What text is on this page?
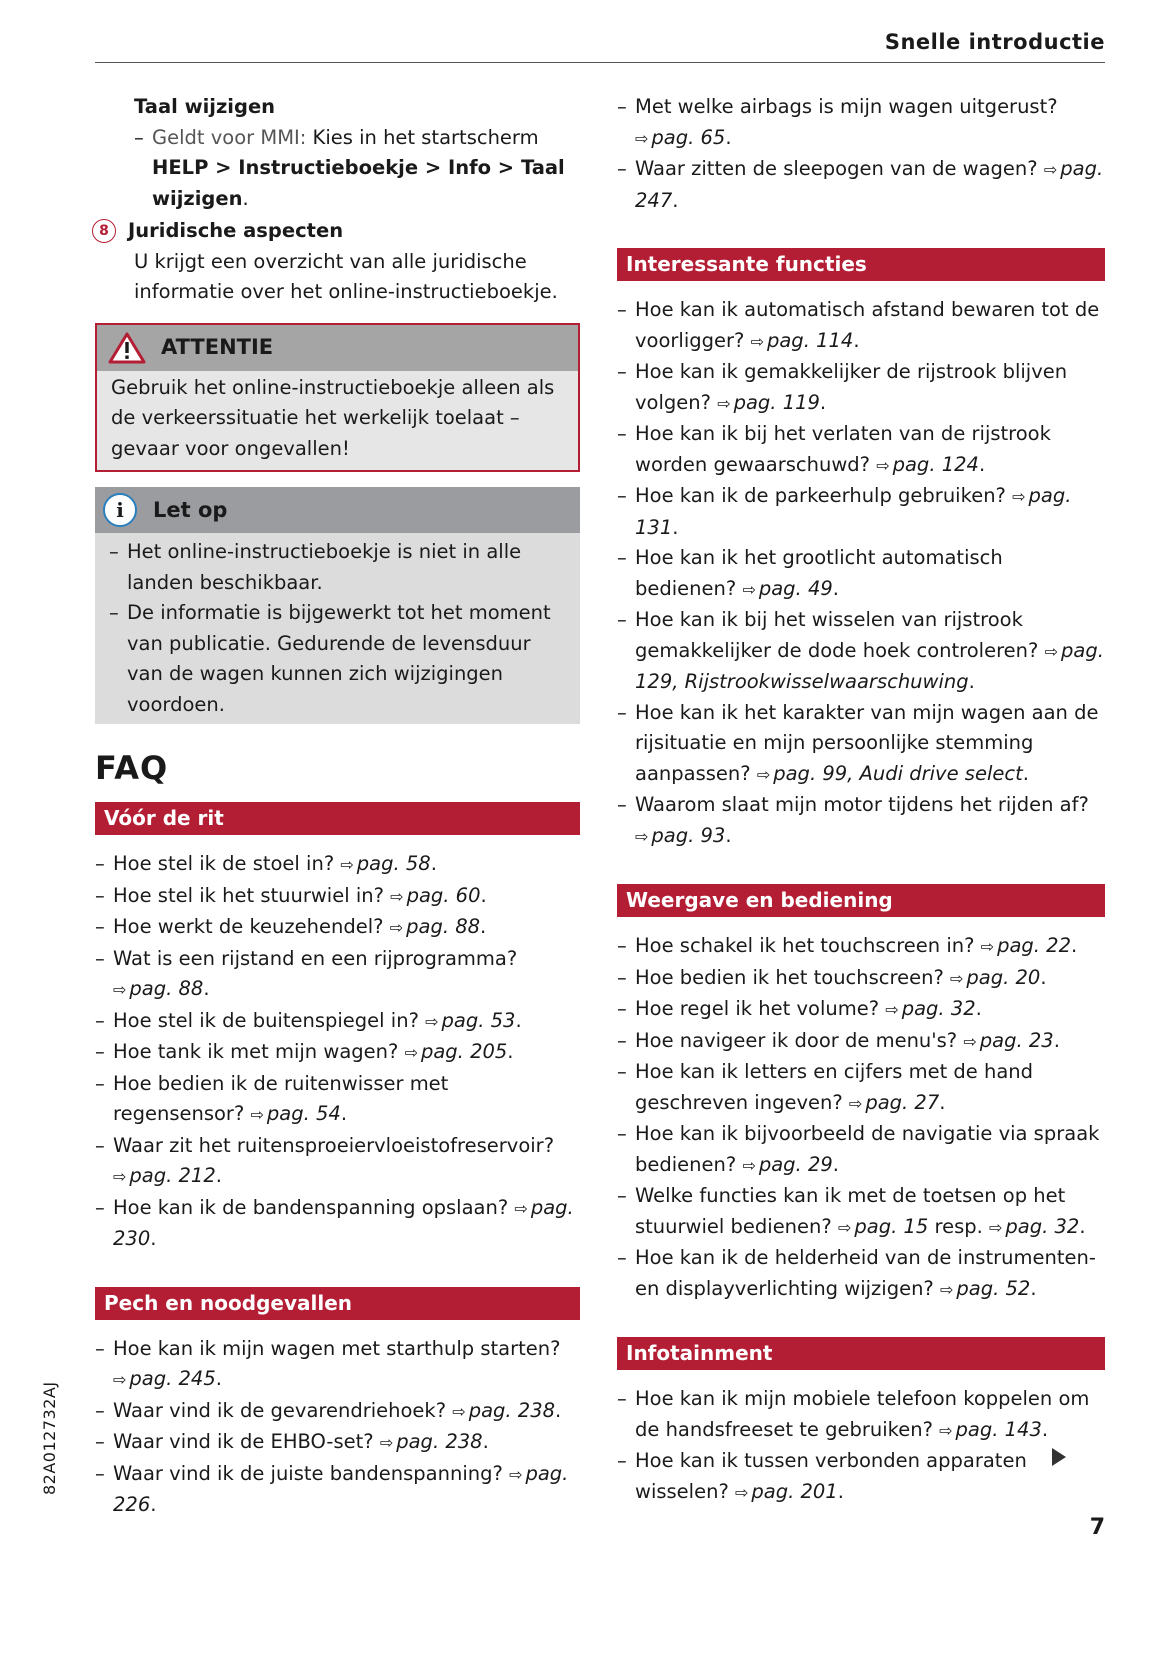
Snelle introductie
Taal wijzigen
– Geldt voor MMI: Kies in het startscherm
HELP > Instructieboekje > Info > Taal
wijzigen.
8 Juridische aspecten
U krijgt een overzicht van alle juridische informatie over het online-instructieboekje.
ATTENTIE
Gebruik het online-instructieboekje alleen als de verkeerssituatie het werkelijk toelaat – gevaar voor ongevallen!
i	Let op
– Het online-instructieboekje is niet in alle landen beschikbaar.
– De informatie is bijgewerkt tot het moment van publicatie. Gedurende de levensduur van de wagen kunnen zich wijzigingen voordoen.
FAQ
Vóór de rit
– Hoe stel ik de stoel in? ⇨ pag. 58.
– Hoe stel ik het stuurwiel in? ⇨ pag. 60.
– Hoe werkt de keuzehendel? ⇨ pag. 88.
– Wat is een rijstand en een rijprogramma? ⇨ pag. 88.
– Hoe stel ik de buitenspiegel in? ⇨ pag. 53.
– Hoe tank ik met mijn wagen? ⇨ pag. 205.
– Hoe bedien ik de ruitenwisser met regensensor? ⇨ pag. 54.
– Waar zit het ruitensproeiervloeistofreservoir? ⇨ pag. 212.
– Hoe kan ik de bandenspanning opslaan? ⇨ pag. 230.
Pech en noodgevallen
– Hoe kan ik mijn wagen met starthulp starten? ⇨ pag. 245.
– Waar vind ik de gevarendriehoek? ⇨ pag. 238.
– Waar vind ik de EHBO-set? ⇨ pag. 238.
– Waar vind ik de juiste bandenspanning? ⇨ pag. 226.
– Met welke airbags is mijn wagen uitgerust? ⇨ pag. 65.
– Waar zitten de sleepogen van de wagen? ⇨ pag. 247.
Interessante functies
– Hoe kan ik automatisch afstand bewaren tot de voorligger? ⇨ pag. 114.
– Hoe kan ik gemakkelijker de rijstrook blijven volgen? ⇨ pag. 119.
– Hoe kan ik bij het verlaten van de rijstrook worden gewaarschuwd? ⇨ pag. 124.
– Hoe kan ik de parkeerhulp gebruiken? ⇨ pag. 131.
– Hoe kan ik het grootlicht automatisch bedienen? ⇨ pag. 49.
– Hoe kan ik bij het wisselen van rijstrook gemakkelijker de dode hoek controleren? ⇨ pag. 129, Rijstrookwisselwaarschuwing.
– Hoe kan ik het karakter van mijn wagen aan de rijsituatie en mijn persoonlijke stemming aanpassen? ⇨ pag. 99, Audi drive select.
– Waarom slaat mijn motor tijdens het rijden af? ⇨ pag. 93.
Weergave en bediening
– Hoe schakel ik het touchscreen in? ⇨ pag. 22.
– Hoe bedien ik het touchscreen? ⇨ pag. 20.
– Hoe regel ik het volume? ⇨ pag. 32.
– Hoe navigeer ik door de menu's? ⇨ pag. 23.
– Hoe kan ik letters en cijfers met de hand geschreven ingeven? ⇨ pag. 27.
– Hoe kan ik bijvoorbeeld de navigatie via spraak bedienen? ⇨ pag. 29.
– Welke functies kan ik met de toetsen op het stuurwiel bedienen? ⇨ pag. 15 resp. ⇨ pag. 32.
– Hoe kan ik de helderheid van de instrumenten- en displayverlichting wijzigen? ⇨ pag. 52.
Infotainment
– Hoe kan ik mijn mobiele telefoon koppelen om de handsfreeset te gebruiken? ⇨ pag. 143.
– Hoe kan ik tussen verbonden apparaten wisselen? ⇨ pag. 201.
82A012732AJ
7
